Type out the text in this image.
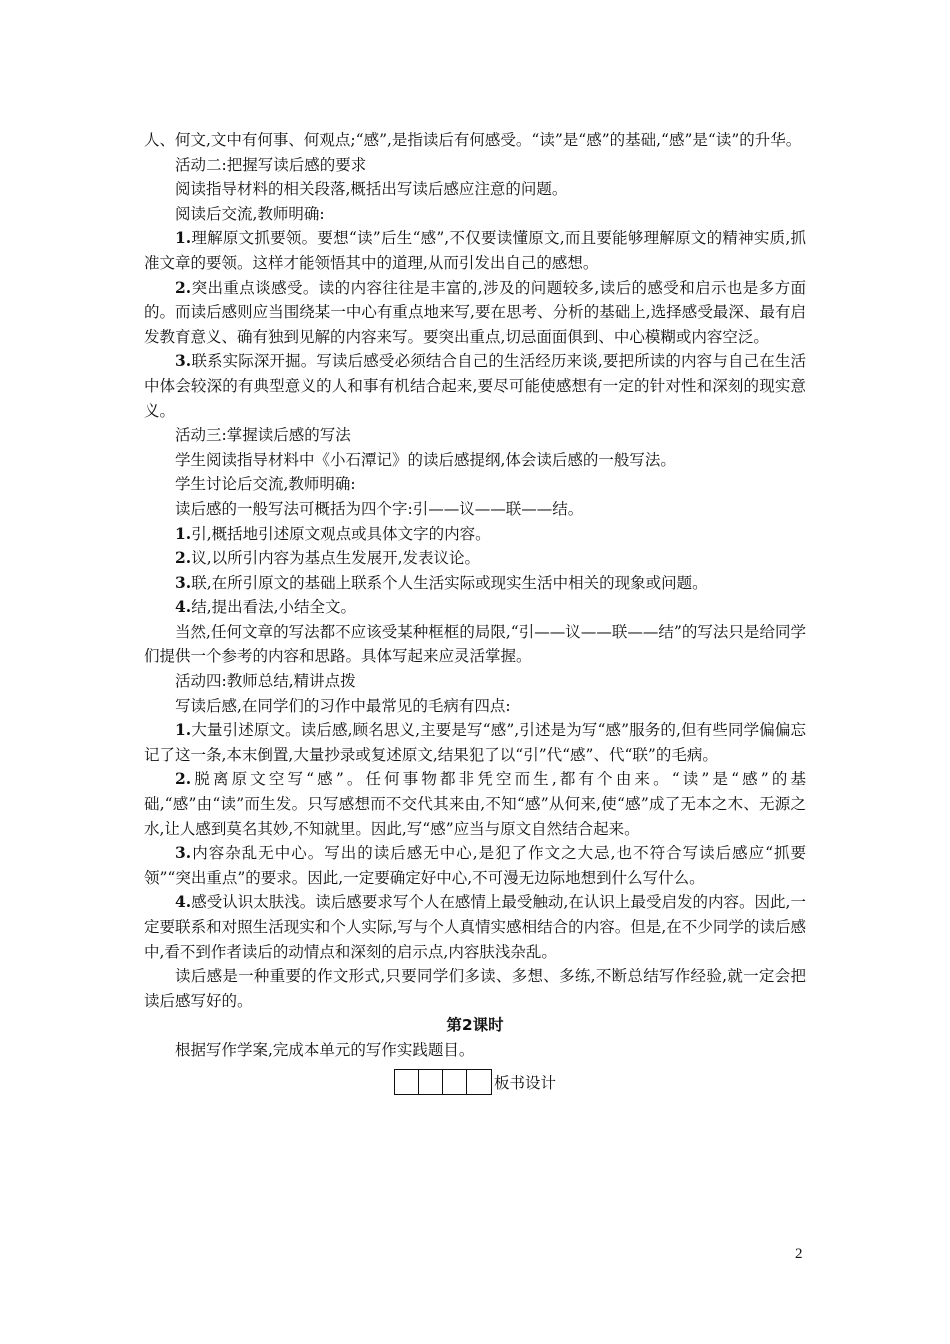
人、何文,文中有何事、何观点;“感”,是指读后有何感受。“读”是“感”的基础,“感”是“读”的升华。

活动二:把握写读后感的要求

阅读指导材料的相关段落,概括出写读后感应注意的问题。

阅读后交流,教师明确:

1.理解原文抓要领。要想“读”后生“感”,不仅要读懂原文,而且要能够理解原文的精神实质,抓准文章的要领。这样才能领悟其中的道理,从而引发出自己的感想。

2.突出重点谈感受。读的内容往往是丰富的,涉及的问题较多,读后的感受和启示也是多方面的。而读后感则应当围绕某一中心有重点地来写,要在思考、分析的基础上,选择感受最深、最有启发教育意义、确有独到见解的内容来写。要突出重点,切忌面面俱到、中心模糊或内容空泛。

3.联系实际深开掘。写读后感受必须结合自己的生活经历来谈,要把所读的内容与自己在生活中体会较深的有典型意义的人和事有机结合起来,要尽可能使感想有一定的针对性和深刻的现实意义。

活动三:掌握读后感的写法

学生阅读指导材料中《小石潭记》的读后感提纲,体会读后感的一般写法。

学生讨论后交流,教师明确:

读后感的一般写法可概括为四个字:引——议——联——结。

1.引,概括地引述原文观点或具体文字的内容。

2.议,以所引内容为基点生发展开,发表议论。

3.联,在所引原文的基础上联系个人生活实际或现实生活中相关的现象或问题。

4.结,提出看法,小结全文。

当然,任何文章的写法都不应该受某种框框的局限,“引——议——联——结”的写法只是给同学们提供一个参考的内容和思路。具体写起来应灵活掌握。

活动四:教师总结,精讲点拨

写读后感,在同学们的习作中最常见的毛病有四点:

1.大量引述原文。读后感,顾名思义,主要是写“感”,引述是为写“感”服务的,但有些同学偏偏忘记了这一条,本末倒置,大量抄录或复述原文,结果犯了以“引”代“感”、代“联”的毛病。

2.脱离原文空写“感”。任何事物都非凭空而生,都有个由来。“读”是“感”的基础,“感”由“读”而生发。只写感想而不交代其来由,不知“感”从何来,使“感”成了无本之木、无源之水,让人感到莫名其妙,不知就里。因此,写“感”应当与原文自然结合起来。

3.内容杂乱无中心。写出的读后感无中心,是犯了作文之大忌,也不符合写读后感应“抓要领”“突出重点”的要求。因此,一定要确定好中心,不可漫无边际地想到什么写什么。

4.感受认识太肤浅。读后感要求写个人在感情上最受触动,在认识上最受启发的内容。因此,一定要联系和对照生活现实和个人实际,写与个人真情实感相结合的内容。但是,在不少同学的读后感中,看不到作者读后的动情点和深刻的启示点,内容肤浅杂乱。

读后感是一种重要的作文形式,只要同学们多读、多想、多练,不断总结写作经验,就一定会把读后感写好的。

第2课时

根据写作学案,完成本单元的写作实践题目。

板书设计
2
